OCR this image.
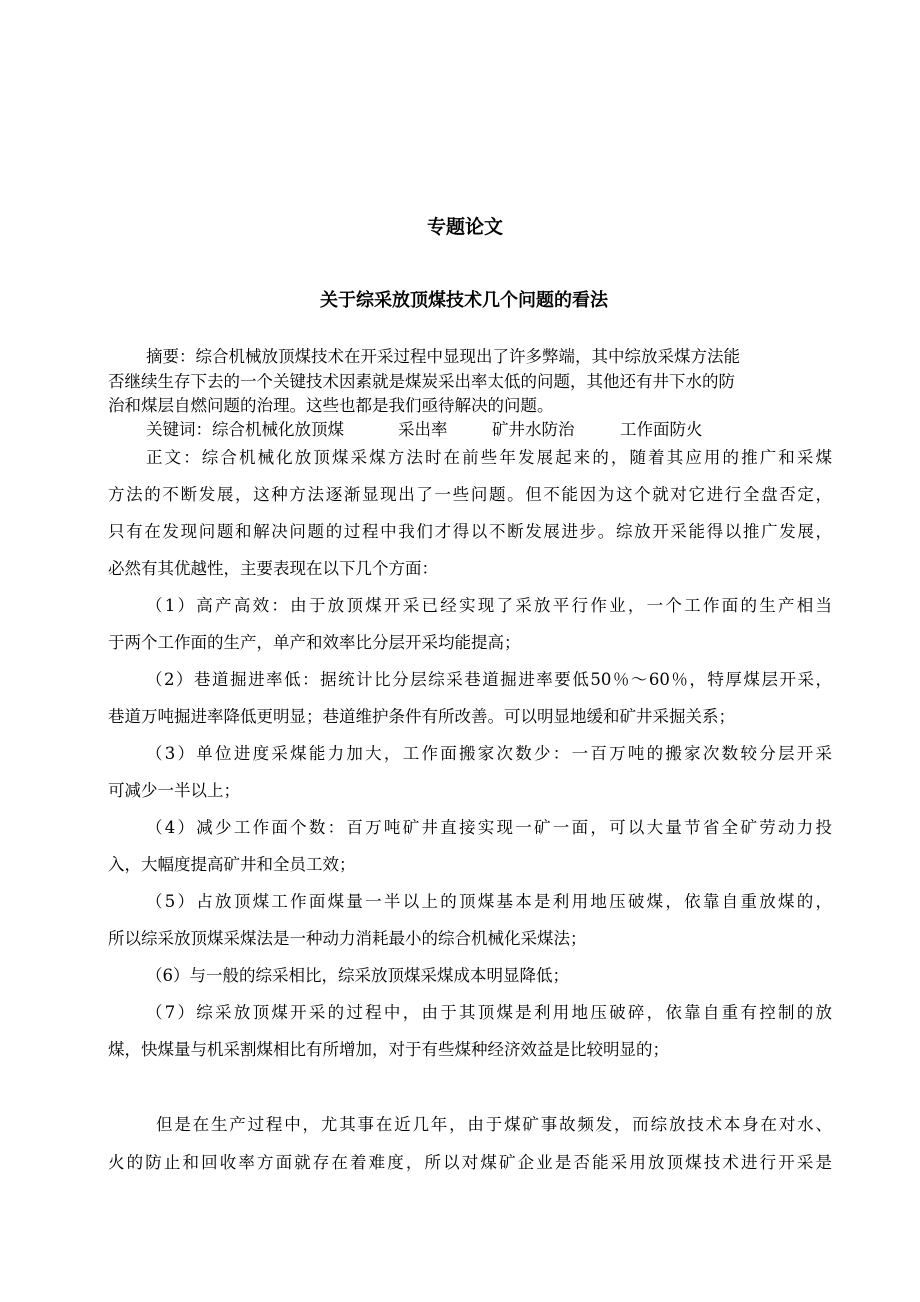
专题论文
关于综采放顶煤技术几个问题的看法
摘要：综合机械放顶煤技术在开采过程中显现出了许多弊端，其中综放采煤方法能
否继续生存下去的一个关键技术因素就是煤炭采出率太低的问题，其他还有井下水的防
治和煤层自燃问题的治理。这些也都是我们亟待解决的问题。
关键词：综合机械化放顶煤	采出率	矿井水防治	工作面防火
正文：综合机械化放顶煤采煤方法时在前些年发展起来的，随着其应用的推广和采煤
方法的不断发展，这种方法逐渐显现出了一些问题。但不能因为这个就对它进行全盘否定，
只有在发现问题和解决问题的过程中我们才得以不断发展进步。综放开采能得以推广发展，
必然有其优越性，主要表现在以下几个方面：
（1）高产高效：由于放顶煤开采已经实现了采放平行作业，一个工作面的生产相当
于两个工作面的生产，单产和效率比分层开采均能提高；
（2）巷道掘进率低：据统计比分层综采巷道掘进率要低50％～60％，特厚煤层开采，
巷道万吨掘进率降低更明显；巷道维护条件有所改善。可以明显地缓和矿井采掘关系；
（3）单位进度采煤能力加大，工作面搬家次数少：一百万吨的搬家次数较分层开采
可减少一半以上；
（4）减少工作面个数：百万吨矿井直接实现一矿一面，可以大量节省全矿劳动力投
入，大幅度提高矿井和全员工效；
（5）占放顶煤工作面煤量一半以上的顶煤基本是利用地压破煤，依靠自重放煤的，
所以综采放顶煤采煤法是一种动力消耗最小的综合机械化采煤法；
（6）与一般的综采相比，综采放顶煤采煤成本明显降低；
（7）综采放顶煤开采的过程中，由于其顶煤是利用地压破碎，依靠自重有控制的放
煤，快煤量与机采割煤相比有所增加，对于有些煤种经济效益是比较明显的；
但是在生产过程中，尤其事在近几年，由于煤矿事故频发，而综放技术本身在对水、
火的防止和回收率方面就存在着难度，所以对煤矿企业是否能采用放顶煤技术进行开采是
